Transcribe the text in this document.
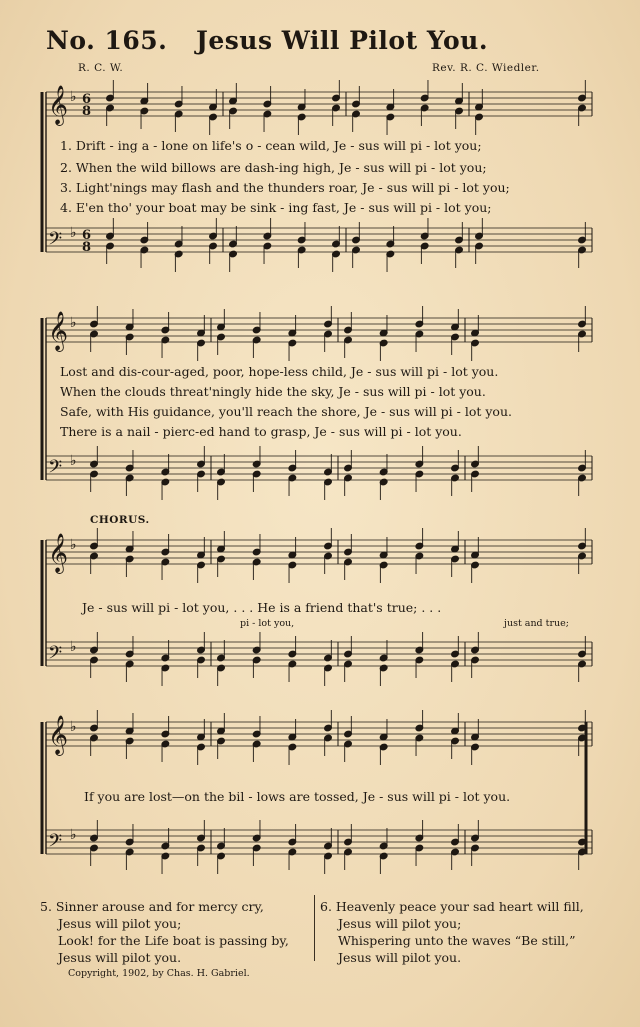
No. 165. Jesus Will Pilot You.
R. C. W.	Rev. R. C. Wiedler.
𝄞 ♭
𝄢 ♭
6
6
8
8
𝄞 ♭
𝄢 ♭
𝄞 ♭
𝄢 ♭
𝄞 ♭
𝄢 ♭
1. Drift - ing a - lone on life's o - cean wild, Je - sus will pi - lot you;
2. When the wild billows are dash-ing high, Je - sus will pi - lot you;
3. Light'nings may flash and the thunders roar, Je - sus will pi - lot you;
4. E'en tho' your boat may be sink - ing fast, Je - sus will pi - lot you;
Lost and dis-cour-aged, poor, hope-less child, Je - sus will pi - lot you.
When the clouds threat'ningly hide the sky, Je - sus will pi - lot you.
Safe, with His guidance, you'll reach the shore, Je - sus will pi - lot you.
There is a nail - pierc-ed hand to grasp, Je - sus will pi - lot you.
CHORUS.
Je - sus will pi - lot you, . . . He is a friend that's true; . . .
pi - lot you,	just and true;
If you are lost—on the bil - lows are tossed, Je - sus will pi - lot you.
5. Sinner arouse and for mercy cry,
Jesus will pilot you;
Look! for the Life boat is passing by,
Jesus will pilot you.
6. Heavenly peace your sad heart will fill,
Jesus will pilot you;
Whispering unto the waves “Be still,”
Jesus will pilot you.
Copyright, 1902, by Chas. H. Gabriel.
